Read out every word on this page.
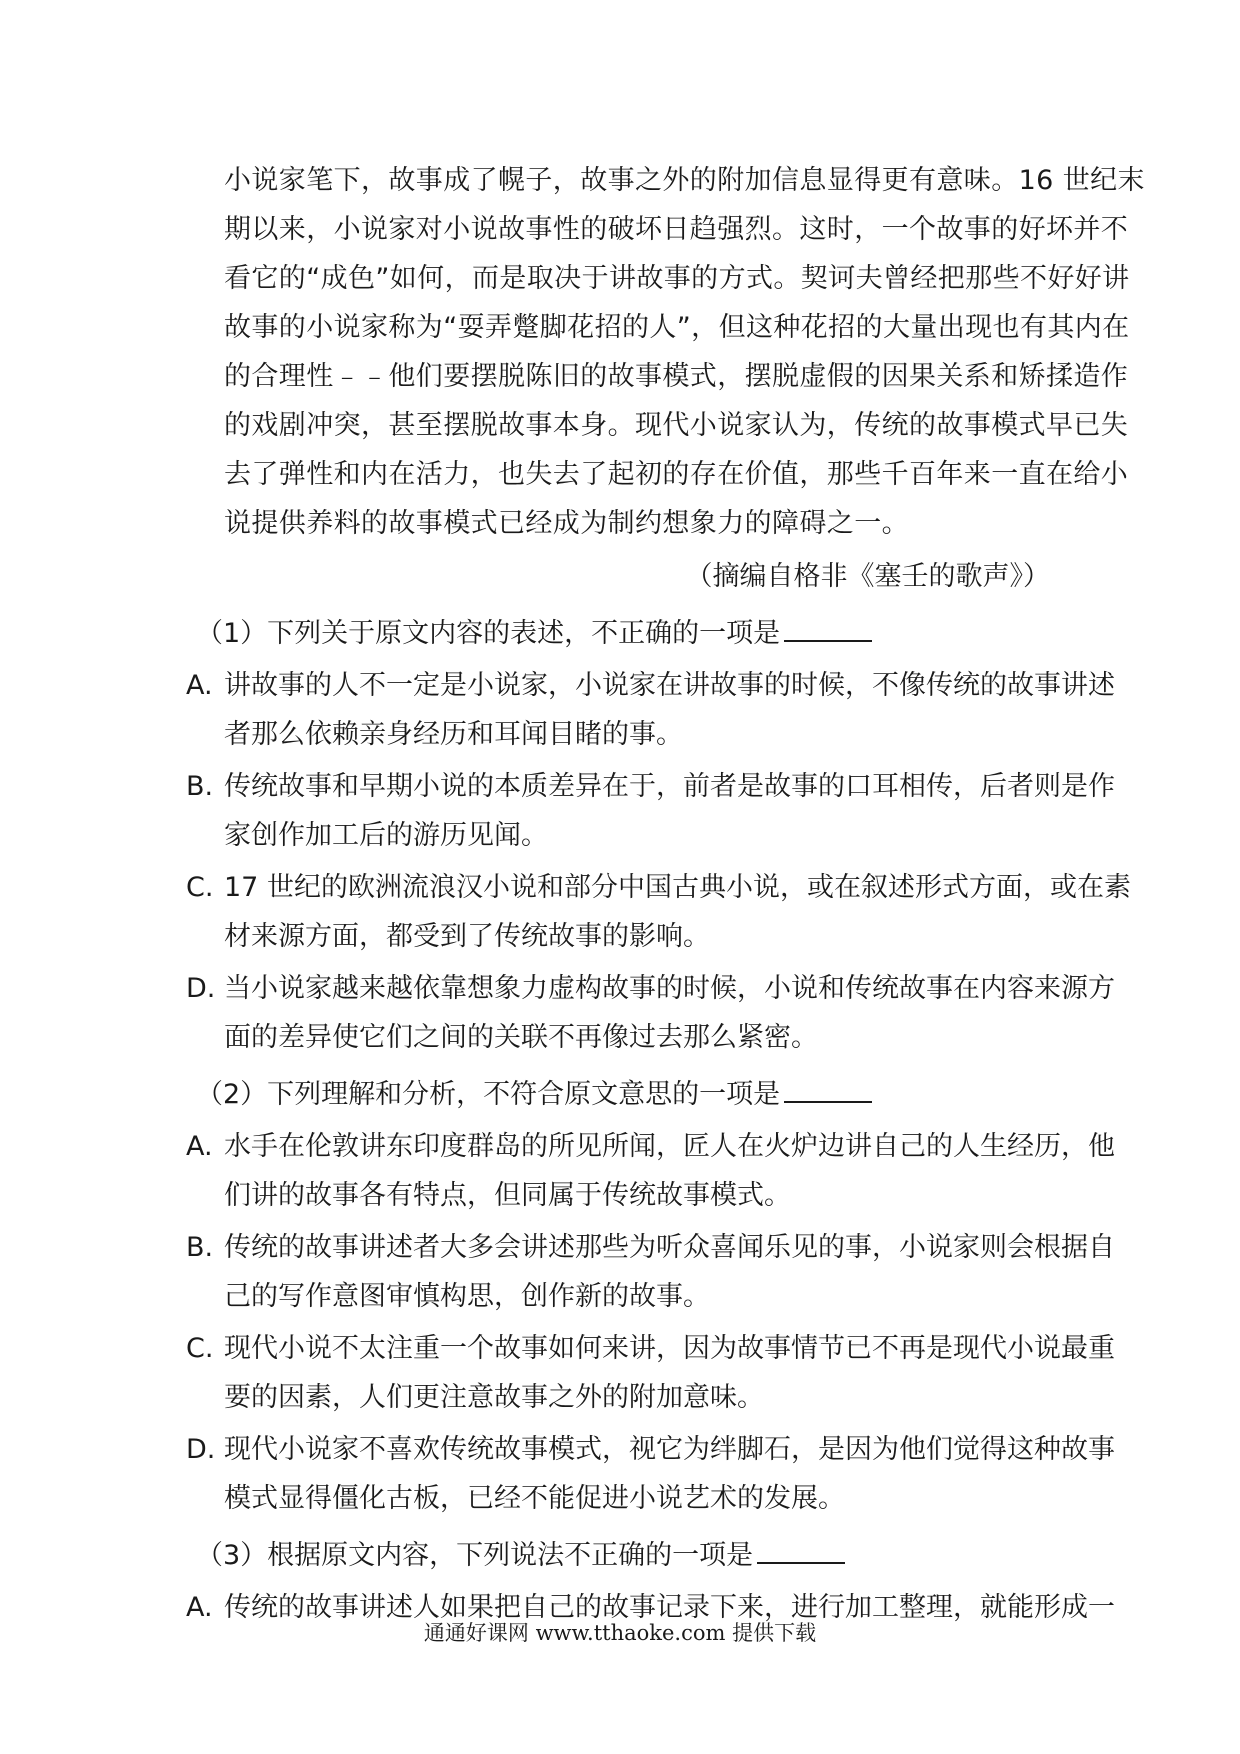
小说家笔下，故事成了幌子，故事之外的附加信息显得更有意味。16 世纪末
期以来，小说家对小说故事性的破坏日趋强烈。这时，一个故事的好坏并不
看它的“成色”如何，而是取决于讲故事的方式。契诃夫曾经把那些不好好讲
故事的小说家称为“耍弄蹩脚花招的人”，但这种花招的大量出现也有其内在
的合理性﹣﹣他们要摆脱陈旧的故事模式，摆脱虚假的因果关系和矫揉造作
的戏剧冲突，甚至摆脱故事本身。现代小说家认为，传统的故事模式早已失
去了弹性和内在活力，也失去了起初的存在价值，那些千百年来一直在给小
说提供养料的故事模式已经成为制约想象力的障碍之一。
（摘编自格非《塞壬的歌声》）
（1）下列关于原文内容的表述，不正确的一项是
A. 讲故事的人不一定是小说家，小说家在讲故事的时候，不像传统的故事讲述
者那么依赖亲身经历和耳闻目睹的事。
B. 传统故事和早期小说的本质差异在于，前者是故事的口耳相传，后者则是作
家创作加工后的游历见闻。
C. 17 世纪的欧洲流浪汉小说和部分中国古典小说，或在叙述形式方面，或在素
材来源方面，都受到了传统故事的影响。
D. 当小说家越来越依靠想象力虚构故事的时候，小说和传统故事在内容来源方
面的差异使它们之间的关联不再像过去那么紧密。
（2）下列理解和分析，不符合原文意思的一项是
A. 水手在伦敦讲东印度群岛的所见所闻，匠人在火炉边讲自己的人生经历，他
们讲的故事各有特点，但同属于传统故事模式。
B. 传统的故事讲述者大多会讲述那些为听众喜闻乐见的事，小说家则会根据自
己的写作意图审慎构思，创作新的故事。
C. 现代小说不太注重一个故事如何来讲，因为故事情节已不再是现代小说最重
要的因素，人们更注意故事之外的附加意味。
D. 现代小说家不喜欢传统故事模式，视它为绊脚石，是因为他们觉得这种故事
模式显得僵化古板，已经不能促进小说艺术的发展。
（3）根据原文内容，下列说法不正确的一项是
A. 传统的故事讲述人如果把自己的故事记录下来，进行加工整理，就能形成一
通通好课网 www.tthaoke.com 提供下载
